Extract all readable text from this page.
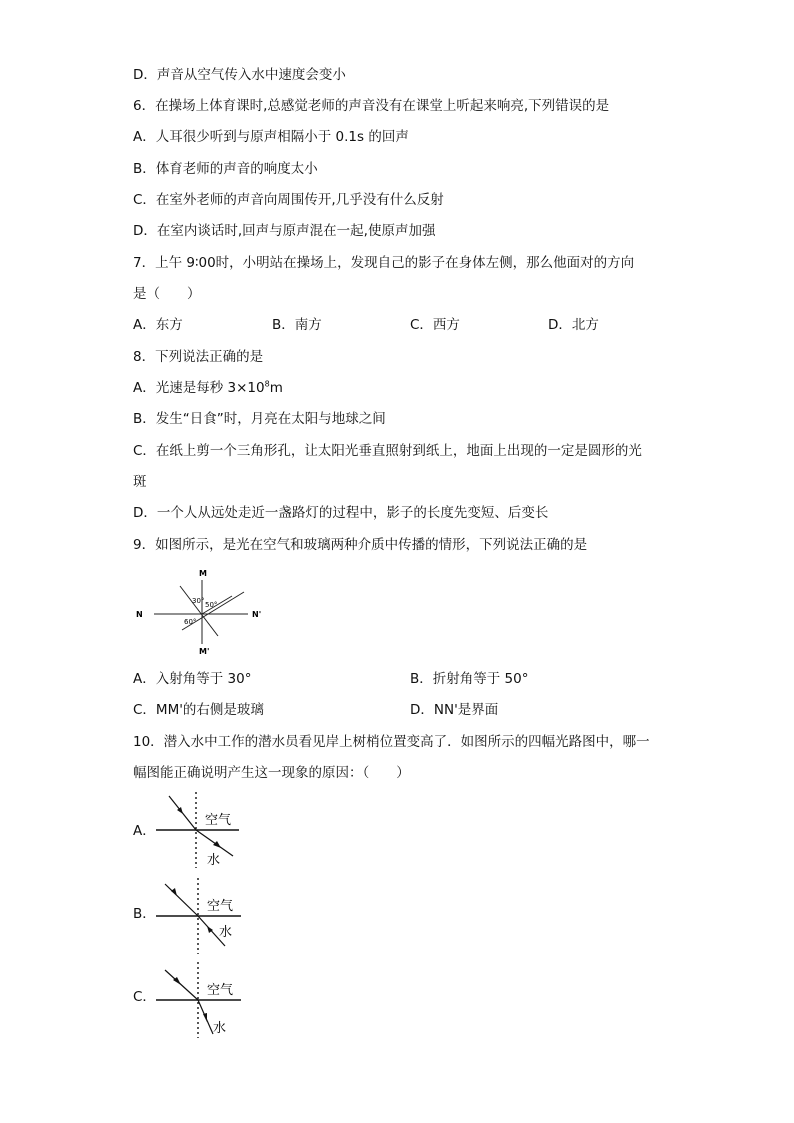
D．声音从空气传入水中速度会变小
6．在操场上体育课时,总感觉老师的声音没有在课堂上听起来响亮,下列错误的是
A．人耳很少听到与原声相隔小于 0.1s 的回声
B．体育老师的声音的响度太小
C．在室外老师的声音向周围传开,几乎没有什么反射
D．在室内谈话时,回声与原声混在一起,使原声加强
7．上午 9∶00时，小明站在操场上，发现自己的影子在身体左侧，那么他面对的方向
是（　　）
A．东方	B．南方	C．西方	D．北方
8．下列说法正确的是
A．光速是每秒 $3\times 10^8m$
B．发生“日食”时，月亮在太阳与地球之间
C．在纸上剪一个三角形孔，让太阳光垂直照射到纸上，地面上出现的一定是圆形的光
斑
D．一个人从远处走近一盏路灯的过程中，影子的长度先变短、后变长
9．如图所示，是光在空气和玻璃两种介质中传播的情形，下列说法正确的是
M
M'
N	N'
30° 50°
60°
A．入射角等于 30°	B．折射角等于 50°
C．MM'的右侧是玻璃	D．NN'是界面
10．潜入水中工作的潜水员看见岸上树梢位置变高了．如图所示的四幅光路图中，哪一
幅图能正确说明产生这一现象的原因：（　　）
A．
空气
水
B．	空气
水
C．	空气
水
